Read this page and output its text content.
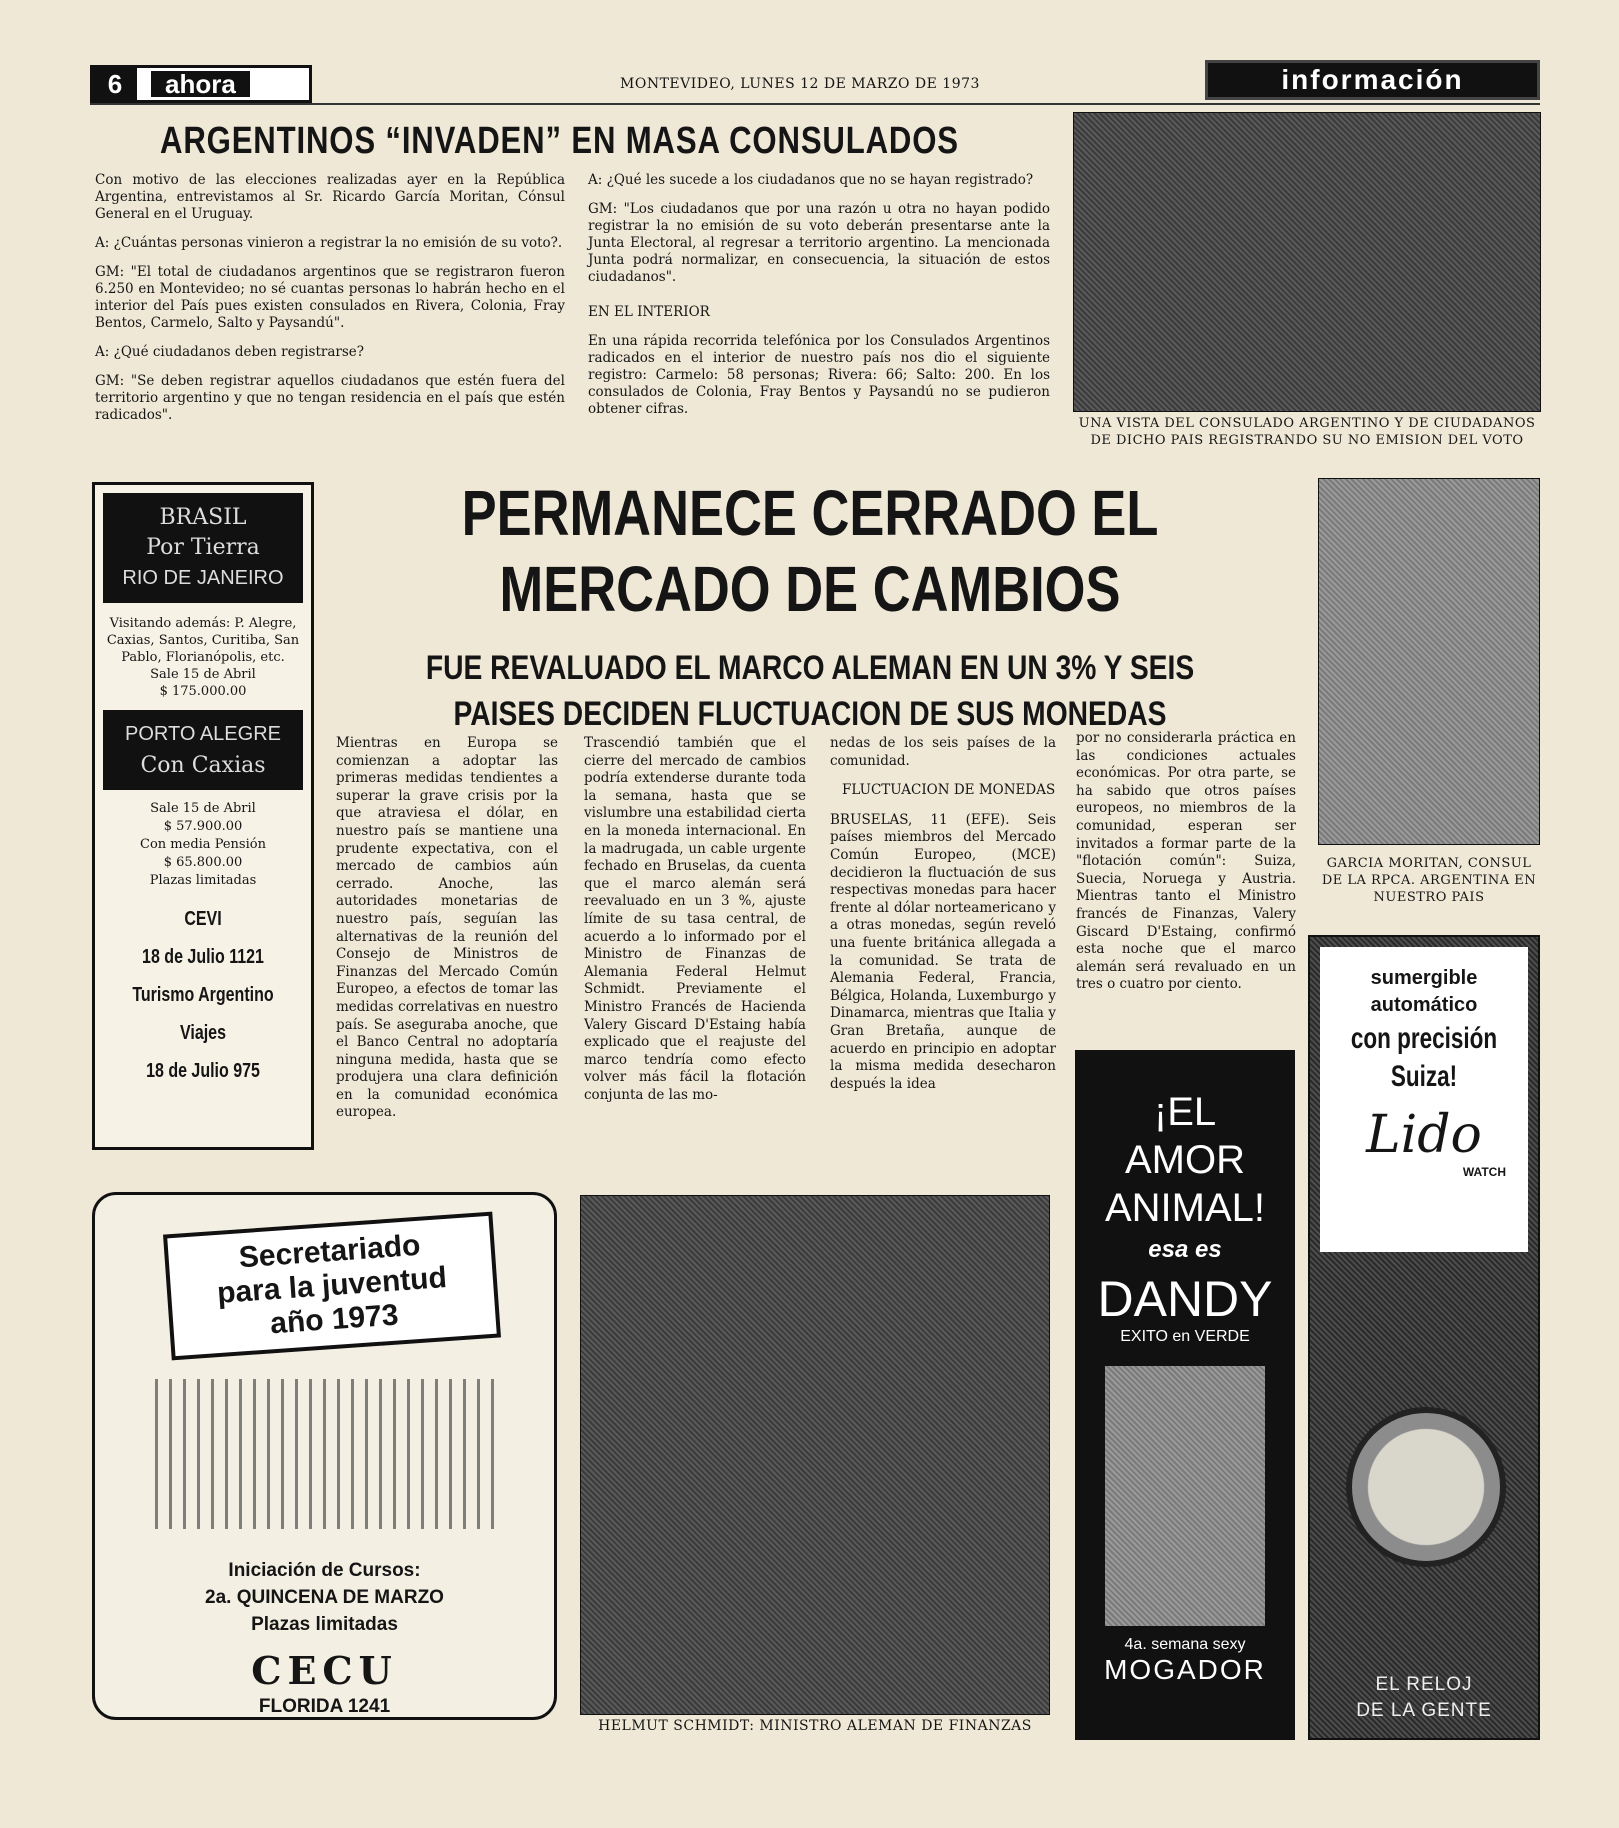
6	ahora	MONTEVIDEO, LUNES 12 DE MARZO DE 1973	información
ARGENTINOS “INVADEN” EN MASA CONSULADOS

Con motivo de las elecciones realizadas ayer en la República Argentina, entrevistamos al Sr. Ricardo García Moritan, Cónsul General en el Uruguay.

A: ¿Cuántas personas vinieron a registrar la no emisión de su voto?.

GM: "El total de ciudadanos argentinos que se registraron fueron 6.250 en Montevideo; no sé cuantas personas lo habrán hecho en el interior del País pues existen consulados en Rivera, Colonia, Fray Bentos, Carmelo, Salto y Paysandú".

A: ¿Qué ciudadanos deben registrarse?

GM: "Se deben registrar aquellos ciudadanos que estén fuera del territorio argentino y que no tengan residencia en el país que estén radicados".

A: ¿Qué les sucede a los ciudadanos que no se hayan registrado?

GM: "Los ciudadanos que por una razón u otra no hayan podido registrar la no emisión de su voto deberán presentarse ante la Junta Electoral, al regresar a territorio argentino. La mencionada Junta podrá normalizar, en consecuencia, la situación de estos ciudadanos".

EN EL INTERIOR

En una rápida recorrida telefónica por los Consulados Argentinos radicados en el interior de nuestro país nos dio el siguiente registro: Carmelo: 58 personas; Rivera: 66; Salto: 200. En los consulados de Colonia, Fray Bentos y Paysandú no se pudieron obtener cifras.

UNA VISTA DEL CONSULADO ARGENTINO Y DE CIUDADANOS DE DICHO PAIS REGISTRANDO SU NO EMISION DEL VOTO
BRASIL
Por Tierra
RIO DE JANEIRO
Visitando además: P. Alegre, Caxias, Santos, Curitiba, San Pablo, Florianópolis, etc.
Sale 15 de Abril
$ 175.000.00
PORTO ALEGRE
Con Caxias
Sale 15 de Abril
$ 57.900.00
Con media Pensión
$ 65.800.00
Plazas limitadas
CEVI
18 de Julio 1121
Turismo Argentino
Viajes
18 de Julio 975
PERMANECE CERRADO EL
MERCADO DE CAMBIOS
FUE REVALUADO EL MARCO ALEMAN EN UN 3% Y SEIS
PAISES DECIDEN FLUCTUACION DE SUS MONEDAS
Mientras en Europa se comienzan a adoptar las primeras medidas tendientes a superar la grave crisis por la que atraviesa el dólar, en nuestro país se mantiene una prudente expectativa, con el mercado de cambios aún cerrado. Anoche, las autoridades monetarias de nuestro país, seguían las alternativas de la reunión del Consejo de Ministros de Finanzas del Mercado Común Europeo, a efectos de tomar las medidas correlativas en nuestro país. Se aseguraba anoche, que el Banco Central no adoptaría ninguna medida, hasta que se produjera una clara definición en la comunidad económica europea.
Trascendió también que el cierre del mercado de cambios podría extenderse durante toda la semana, hasta que se vislumbre una estabilidad cierta en la moneda internacional. En la madrugada, un cable urgente fechado en Bruselas, da cuenta que el marco alemán será reevaluado en un 3 %, ajuste límite de su tasa central, de acuerdo a lo informado por el Ministro de Finanzas de Alemania Federal Helmut Schmidt. Previamente el Ministro Francés de Hacienda Valery Giscard D'Estaing había explicado que el reajuste del marco tendría como efecto volver más fácil la flotación conjunta de las mo-

nedas de los seis países de la comunidad.

FLUCTUACION DE MONEDAS

BRUSELAS, 11 (EFE). Seis países miembros del Mercado Común Europeo, (MCE) decidieron la fluctuación de sus respectivas monedas para hacer frente al dólar norteamericano y a otras monedas, según reveló una fuente británica allegada a la comunidad. Se trata de Alemania Federal, Francia, Bélgica, Holanda, Luxemburgo y Dinamarca, mientras que Italia y Gran Bretaña, aunque de acuerdo en principio en adoptar la misma medida desecharon después la idea

por no considerarla práctica en las condiciones actuales económicas. Por otra parte, se ha sabido que otros países europeos, no miembros de la comunidad, esperan ser invitados a formar parte de la "flotación común": Suiza, Suecia, Noruega y Austria. Mientras tanto el Ministro francés de Finanzas, Valery Giscard D'Estaing, confirmó esta noche que el marco alemán será revaluado en un tres o cuatro por ciento.
GARCIA MORITAN, CONSUL DE LA RPCA. ARGENTINA EN NUESTRO PAIS
Secretariado
para la juventud
año 1973
Iniciación de Cursos:
2a. QUINCENA DE MARZO
Plazas limitadas
CECU
FLORIDA 1241
HELMUT SCHMIDT: MINISTRO ALEMAN DE FINANZAS
¡EL
AMOR
ANIMAL!
esa es
DANDY
EXITO en VERDE
4a. semana sexy
MOGADOR
sumergible
automático
con precisión
Suiza!
Lido
WATCH
EL RELOJ
DE LA GENTE
